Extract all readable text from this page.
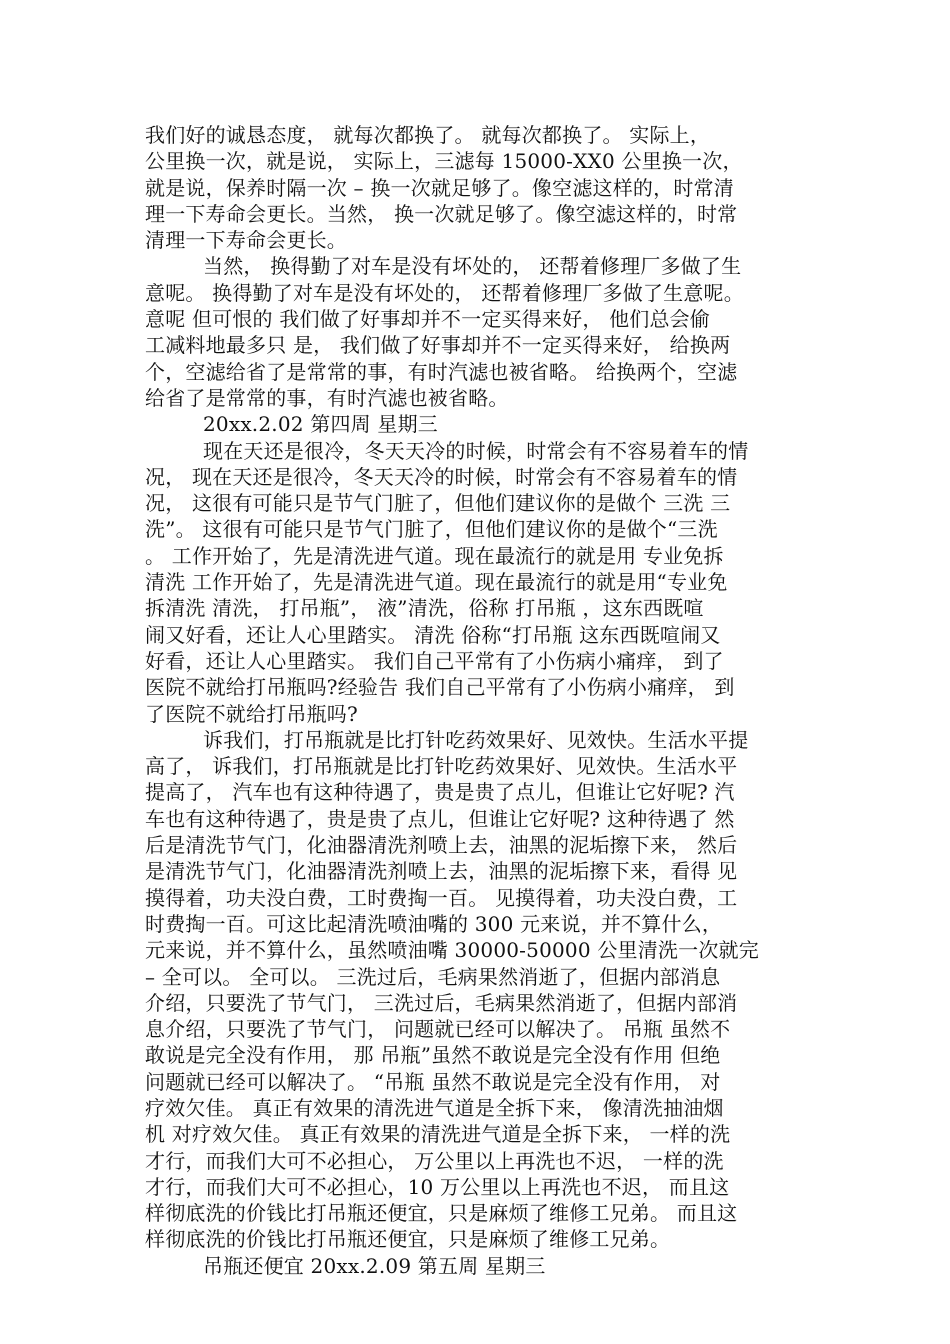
我们好的诚恳态度， 就每次都换了。 就每次都换了。 实际上，
公里换一次，就是说， 实际上，三滤每 15000-XX0 公里换一次，
就是说，保养时隔一次 – 换一次就足够了。像空滤这样的，时常清
理一下寿命会更长。当然， 换一次就足够了。像空滤这样的，时常
清理一下寿命会更长。
当然， 换得勤了对车是没有坏处的， 还帮着修理厂多做了生
意呢。 换得勤了对车是没有坏处的， 还帮着修理厂多做了生意呢。
意呢 但可恨的 我们做了好事却并不一定买得来好， 他们总会偷
工减料地最多只 是， 我们做了好事却并不一定买得来好， 给换两
个，空滤给省了是常常的事，有时汽滤也被省略。 给换两个，空滤
给省了是常常的事，有时汽滤也被省略。
20xx.2.02 第四周 星期三
现在天还是很冷，冬天天冷的时候，时常会有不容易着车的情
况， 现在天还是很冷，冬天天冷的时候，时常会有不容易着车的情
况， 这很有可能只是节气门脏了，但他们建议你的是做个 三洗 三
洗”。 这很有可能只是节气门脏了，但他们建议你的是做个“三洗
。 工作开始了，先是清洗进气道。现在最流行的就是用 专业免拆
清洗 工作开始了，先是清洗进气道。现在最流行的就是用“专业免
拆清洗 清洗， 打吊瓶”， 液”清洗，俗称 打吊瓶 ，这东西既喧
闹又好看，还让人心里踏实。 清洗 俗称“打吊瓶 这东西既喧闹又
好看，还让人心里踏实。 我们自己平常有了小伤病小痛痒， 到了
医院不就给打吊瓶吗?经验告 我们自己平常有了小伤病小痛痒， 到
了医院不就给打吊瓶吗?
诉我们，打吊瓶就是比打针吃药效果好、见效快。生活水平提
高了， 诉我们，打吊瓶就是比打针吃药效果好、见效快。生活水平
提高了， 汽车也有这种待遇了，贵是贵了点儿，但谁让它好呢? 汽
车也有这种待遇了，贵是贵了点儿，但谁让它好呢? 这种待遇了 然
后是清洗节气门，化油器清洗剂喷上去，油黑的泥垢擦下来， 然后
是清洗节气门，化油器清洗剂喷上去，油黑的泥垢擦下来，看得 见
摸得着，功夫没白费，工时费掏一百。 见摸得着，功夫没白费，工
时费掏一百。可这比起清洗喷油嘴的 300 元来说，并不算什么，
元来说，并不算什么，虽然喷油嘴 30000-50000 公里清洗一次就完
– 全可以。 全可以。 三洗过后，毛病果然消逝了，但据内部消息
介绍，只要洗了节气门， 三洗过后，毛病果然消逝了，但据内部消
息介绍，只要洗了节气门， 问题就已经可以解决了。 吊瓶 虽然不
敢说是完全没有作用， 那 吊瓶”虽然不敢说是完全没有作用 但绝
问题就已经可以解决了。 “吊瓶 虽然不敢说是完全没有作用， 对
疗效欠佳。 真正有效果的清洗进气道是全拆下来， 像清洗抽油烟
机 对疗效欠佳。 真正有效果的清洗进气道是全拆下来， 一样的洗
才行，而我们大可不必担心， 万公里以上再洗也不迟， 一样的洗
才行，而我们大可不必担心，10 万公里以上再洗也不迟， 而且这
样彻底洗的价钱比打吊瓶还便宜，只是麻烦了维修工兄弟。 而且这
样彻底洗的价钱比打吊瓶还便宜，只是麻烦了维修工兄弟。
吊瓶还便宜 20xx.2.09 第五周 星期三
